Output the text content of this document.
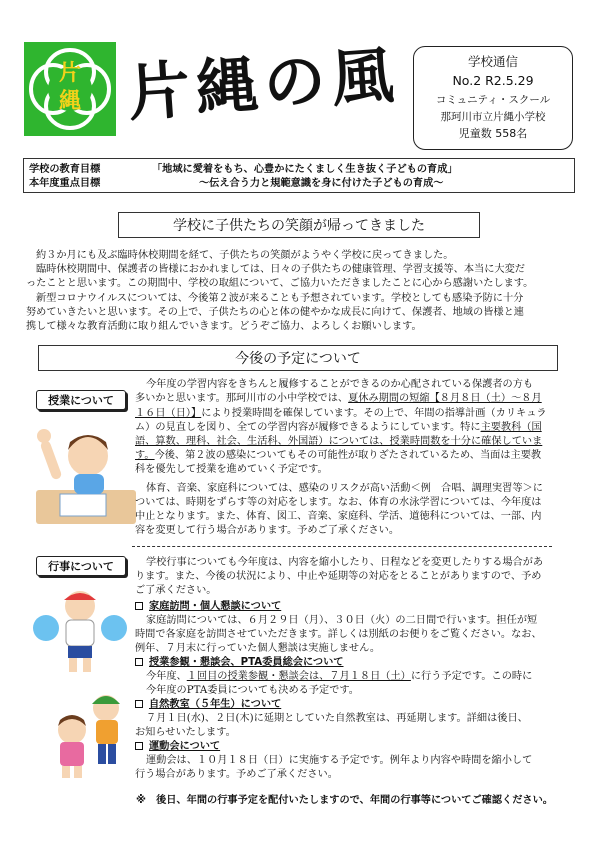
片縄 片縄の風	学校通信
No.2 R2.5.29
コミュニティ・スクール
那珂川市立片縄小学校
児童数 558名
学校の教育目標	「地域に愛着をもち、心豊かにたくましく生き抜く子どもの育成」
本年度重点目標	～伝え合う力と規範意識を身に付けた子どもの育成～
学校に子供たちの笑顔が帰ってきました
約３か月にも及ぶ臨時休校期間を経て、子供たちの笑顔がようやく学校に戻ってきました。
臨時休校期間中、保護者の皆様におかれましては、日々の子供たちの健康管理、学習支援等、本当に大変だ
ったことと思います。この期間中、学校の取組について、ご協力いただきましたことに心から感謝いたします。
新型コロナウイルスについては、今後第２波が来ることも予想されています。学校としても感染予防に十分
努めていきたいと思います。その上で、子供たちの心と体の健やかな成長に向けて、保護者、地域の皆様と連
携して様々な教育活動に取り組んでいきます。どうぞご協力、よろしくお願いします。
今後の予定について
授業について
今年度の学習内容をきちんと履修することができるのか心配されている保護者の方も
多いかと思います。那珂川市の小中学校では、夏休み期間の短縮【８月８日（土）～８月
１６日（日）】により授業時間を確保しています。その上で、年間の指導計画（カリキュラ
ム）の見直しを図り、全ての学習内容が履修できるようにしています。特に主要教科（国
語、算数、理科、社会、生活科、外国語）については、授業時間数を十分に確保していま
す。今後、第２波の感染についてもその可能性が取りざたされているため、当面は主要教
科を優先して授業を進めていく予定です。
体育、音楽、家庭科については、感染のリスクが高い活動＜例　合唱、調理実習等＞に
ついては、時期をずらす等の対応をします。なお、体育の水泳学習については、今年度は
中止となります。また、体育、図工、音楽、家庭科、学活、道徳科については、一部、内
容を変更して行う場合があります。予めご了承ください。
行事について	学校行事についても今年度は、内容を縮小したり、日程などを変更したりする場合があ
ります。また、今後の状況により、中止や延期等の対応をとることがありますので、予め
ご了承ください。
家庭訪問・個人懇談について
家庭訪問については、６月２９日（月）、３０日（火）の二日間で行います。担任が短
時間で各家庭を訪問させていただきます。詳しくは別紙のお便りをご覧ください。なお、
例年、７月末に行っていた個人懇談は実施しません。
授業参観・懇談会、PTA委員総会について
今年度、１回目の授業参観・懇談会は、７月１８日（土）に行う予定です。この時に
今年度のPTA委員についても決める予定です。
自然教室（５年生）について
７月１日(水)、２日(木)に延期としていた自然教室は、再延期します。詳細は後日、
お知らせいたします。
運動会について
運動会は、１０月１８日（日）に実施する予定です。例年より内容や時間を縮小して
行う場合があります。予めご了承ください。
※　後日、年間の行事予定を配付いたしますので、年間の行事等についてご確認ください。
